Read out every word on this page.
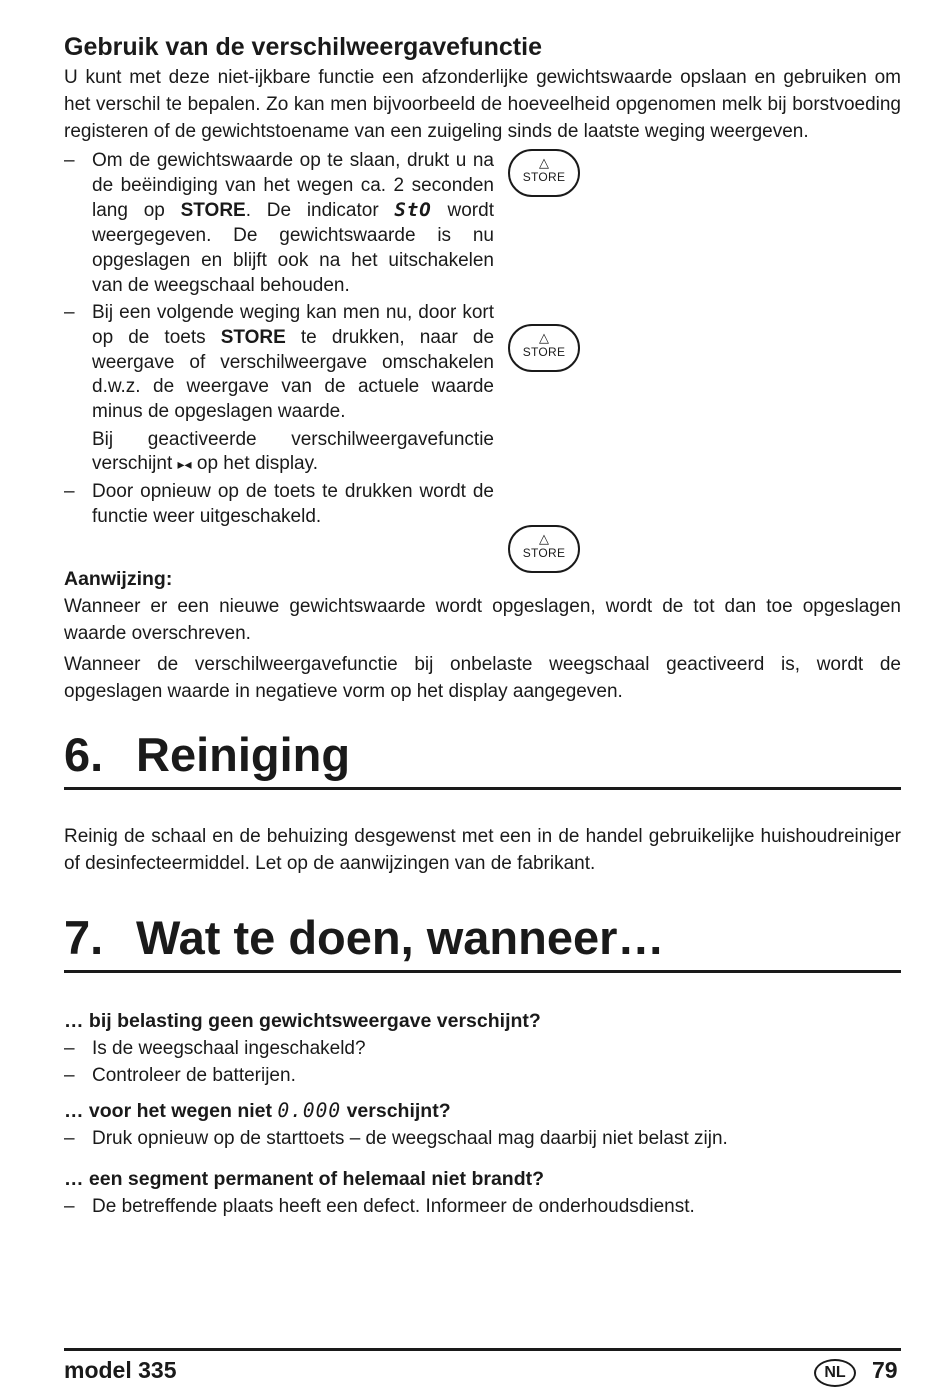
Gebruik van de verschilweergavefunctie

U kunt met deze niet-ijkbare functie een afzonderlijke gewichtswaarde opslaan en gebruiken om het verschil te bepalen. Zo kan men bijvoorbeeld de hoeveelheid opgenomen melk bij borstvoeding registeren of de gewichtstoename van een zuigeling sinds de laatste weging weergeven.

– Om de gewichtswaarde op te slaan, drukt u na de beëindiging van het wegen ca. 2 seconden lang op STORE. De indicator StO wordt weergegeven. De gewichtswaarde is nu opgeslagen en blijft ook na het uitschakelen van de weegschaal behouden.
△
STORE
– Bij een volgende weging kan men nu, door kort op de toets STORE te drukken, naar de weergave of verschilweergave omschakelen d.w.z. de weergave van de actuele waarde minus de opgeslagen waarde.
Bij geactiveerde verschilweergavefunctie verschijnt ▸◂ op het display.
△
STORE
– Door opnieuw op de toets te drukken wordt de functie weer uitgeschakeld.
△
STORE
Aanwijzing:

Wanneer er een nieuwe gewichtswaarde wordt opgeslagen, wordt de tot dan toe opgeslagen waarde overschreven.

Wanneer de verschilweergavefunctie bij onbelaste weegschaal geactiveerd is, wordt de opgeslagen waarde in negatieve vorm op het display aangegeven.

6. Reiniging

Reinig de schaal en de behuizing desgewenst met een in de handel gebruikelijke huishoudreiniger of desinfecteermiddel. Let op de aanwijzingen van de fabrikant.

7. Wat te doen, wanneer…
… bij belasting geen gewichtsweergave verschijnt?
– Is de weegschaal ingeschakeld?
– Controleer de batterijen.
… voor het wegen niet 0.000 verschijnt?
– Druk opnieuw op de starttoets – de weegschaal mag daarbij niet belast zijn.
… een segment permanent of helemaal niet brandt?
– De betreffende plaats heeft een defect. Informeer de onderhoudsdienst.
model 335	NL	79
